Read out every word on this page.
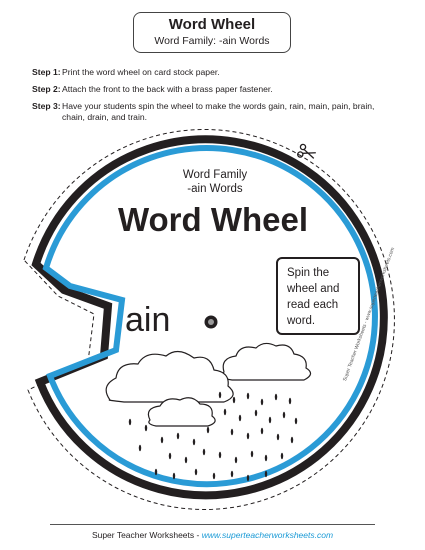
Word Wheel
Word Family: -ain Words
Step 1: Print the word wheel on card stock paper.
Step 2: Attach the front to the back with a brass paper fastener.
Step 3: Have your students spin the wheel to make the words gain, rain, main, pain, brain, chain, drain, and train.
Word Family
-ain Words
Word Wheel
ain
Spin the wheel and read each word.	Super Teacher Worksheets - www.superteacherworksheets.com
Super Teacher Worksheets - www.superteacherworksheets.com
